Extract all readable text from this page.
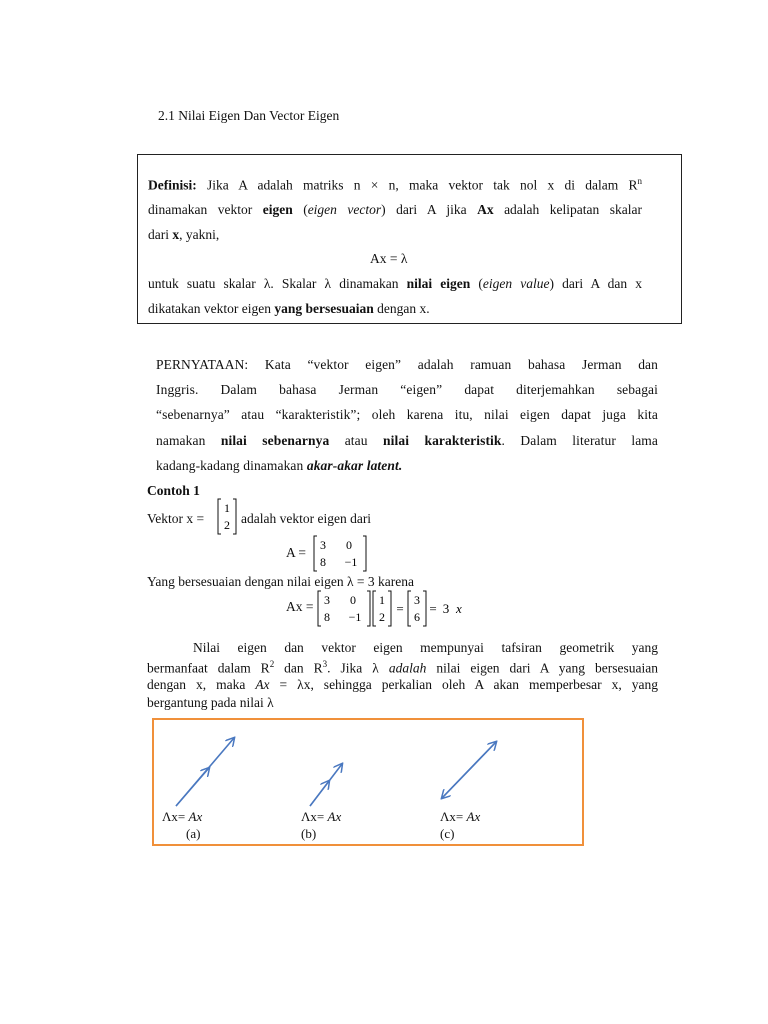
2.1 Nilai Eigen Dan Vector Eigen
Definisi: Jika A adalah matriks n × n, maka vektor tak nol x di dalam $R^n$
dinamakan vektor eigen (eigen vector) dari A jika Ax adalah kelipatan skalar
dari x, yakni,
Ax = λ
untuk suatu skalar λ. Skalar λ dinamakan nilai eigen (eigen value) dari A dan x
dikatakan vektor eigen yang bersesuaian dengan x.
PERNYATAAN: Kata “vektor eigen” adalah ramuan bahasa Jerman dan
Inggris. Dalam bahasa Jerman “eigen” dapat diterjemahkan sebagai
“sebenarnya” atau “karakteristik”; oleh karena itu, nilai eigen dapat juga kita
namakan nilai sebenarnya atau nilai karakteristik. Dalam literatur lama
kadang-kadang dinamakan akar-akar latent.
Contoh 1
Vektor x =
1
2 adalah vektor eigen dari
A = 3 0
8 −1
Yang bersesuaian dengan nilai eigen λ = 3 karena
Ax = 3 0
8 −1
1
2
=
3
6
= 3 x
Nilai eigen dan vektor eigen mempunyai tafsiran geometrik yang
bermanfaat dalam $R^2$ dan $R^3$. Jika λ adalah nilai eigen dari A yang bersesuaian
dengan x, maka Ax = λx, sehingga perkalian oleh A akan memperbesar x, yang
bergantung pada nilai λ
Λx= Ax
(a)
Λx= Ax
(b)
Λx= Ax
(c)
